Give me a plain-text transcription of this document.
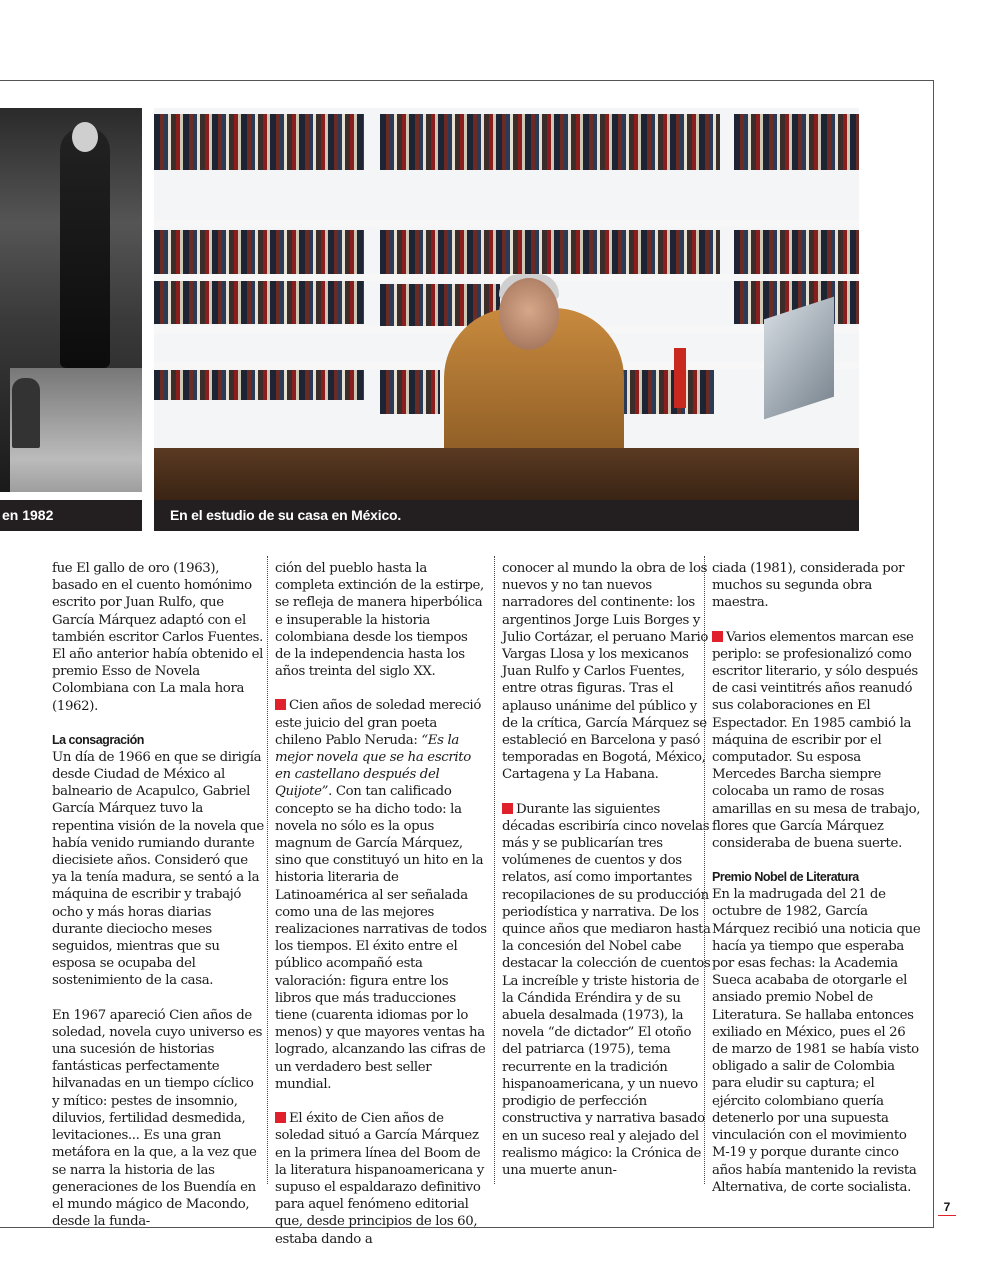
en 1982	En el estudio de su casa en México.

fue El gallo de oro (1963), basado en el cuento homónimo escrito por Juan Rulfo, que García Márquez adaptó con el también escritor Carlos Fuentes. El año anterior había obtenido el premio Esso de Novela Colombiana con La mala hora (1962).

La consagración

Un día de 1966 en que se dirigía desde Ciudad de México al balneario de Acapulco, Gabriel García Márquez tuvo la repentina visión de la novela que había venido rumiando durante diecisiete años. Consideró que ya la tenía madura, se sentó a la máquina de escribir y trabajó ocho y más horas diarias durante dieciocho meses seguidos, mientras que su esposa se ocupaba del sostenimiento de la casa.

En 1967 apareció Cien años de soledad, novela cuyo universo es una sucesión de historias fantásticas perfectamente hilvanadas en un tiempo cíclico y mítico: pestes de insomnio, diluvios, fertilidad desmedida, levitaciones... Es una gran metáfora en la que, a la vez que se narra la historia de las generaciones de los Buendía en el mundo mágico de Macondo, desde la funda-

ción del pueblo hasta la completa extinción de la estirpe, se refleja de manera hiperbólica e insuperable la historia colombiana desde los tiempos de la independencia hasta los años treinta del siglo XX.

Cien años de soledad mereció este juicio del gran poeta chileno Pablo Neruda: “Es la mejor novela que se ha escrito en castellano después del Quijote”. Con tan calificado concepto se ha dicho todo: la novela no sólo es la opus magnum de García Márquez, sino que constituyó un hito en la historia literaria de Latinoamérica al ser señalada como una de las mejores realizaciones narrativas de todos los tiempos. El éxito entre el público acompañó esta valoración: figura entre los libros que más traducciones tiene (cuarenta idiomas por lo menos) y que mayores ventas ha logrado, alcanzando las cifras de un verdadero best seller mundial.

El éxito de Cien años de soledad situó a García Márquez en la primera línea del Boom de la literatura hispanoamericana y supuso el espaldarazo definitivo para aquel fenómeno editorial que, desde principios de los 60, estaba dando a

conocer al mundo la obra de los nuevos y no tan nuevos narradores del continente: los argentinos Jorge Luis Borges y Julio Cortázar, el peruano Mario Vargas Llosa y los mexicanos Juan Rulfo y Carlos Fuentes, entre otras figuras. Tras el aplauso unánime del público y de la crítica, García Márquez se estableció en Barcelona y pasó temporadas en Bogotá, México, Cartagena y La Habana.

Durante las siguientes décadas escribiría cinco novelas más y se publicarían tres volúmenes de cuentos y dos relatos, así como importantes recopilaciones de su producción periodística y narrativa. De los quince años que mediaron hasta la concesión del Nobel cabe destacar la colección de cuentos La increíble y triste historia de la Cándida Eréndira y de su abuela desalmada (1973), la novela “de dictador” El otoño del patriarca (1975), tema recurrente en la tradición hispanoamericana, y un nuevo prodigio de perfección constructiva y narrativa basado en un suceso real y alejado del realismo mágico: la Crónica de una muerte anun-

ciada (1981), considerada por muchos su segunda obra maestra.

Varios elementos marcan ese periplo: se profesionalizó como escritor literario, y sólo después de casi veintitrés años reanudó sus colaboraciones en El Espectador. En 1985 cambió la máquina de escribir por el computador. Su esposa Mercedes Barcha siempre colocaba un ramo de rosas amarillas en su mesa de trabajo, flores que García Márquez consideraba de buena suerte.

Premio Nobel de Literatura

En la madrugada del 21 de octubre de 1982, García Márquez recibió una noticia que hacía ya tiempo que esperaba por esas fechas: la Academia Sueca acababa de otorgarle el ansiado premio Nobel de Literatura. Se hallaba entonces exiliado en México, pues el 26 de marzo de 1981 se había visto obligado a salir de Colombia para eludir su captura; el ejército colombiano quería detenerlo por una supuesta vinculación con el movimiento M-19 y porque durante cinco años había mantenido la revista Alternativa, de corte socialista.

7
